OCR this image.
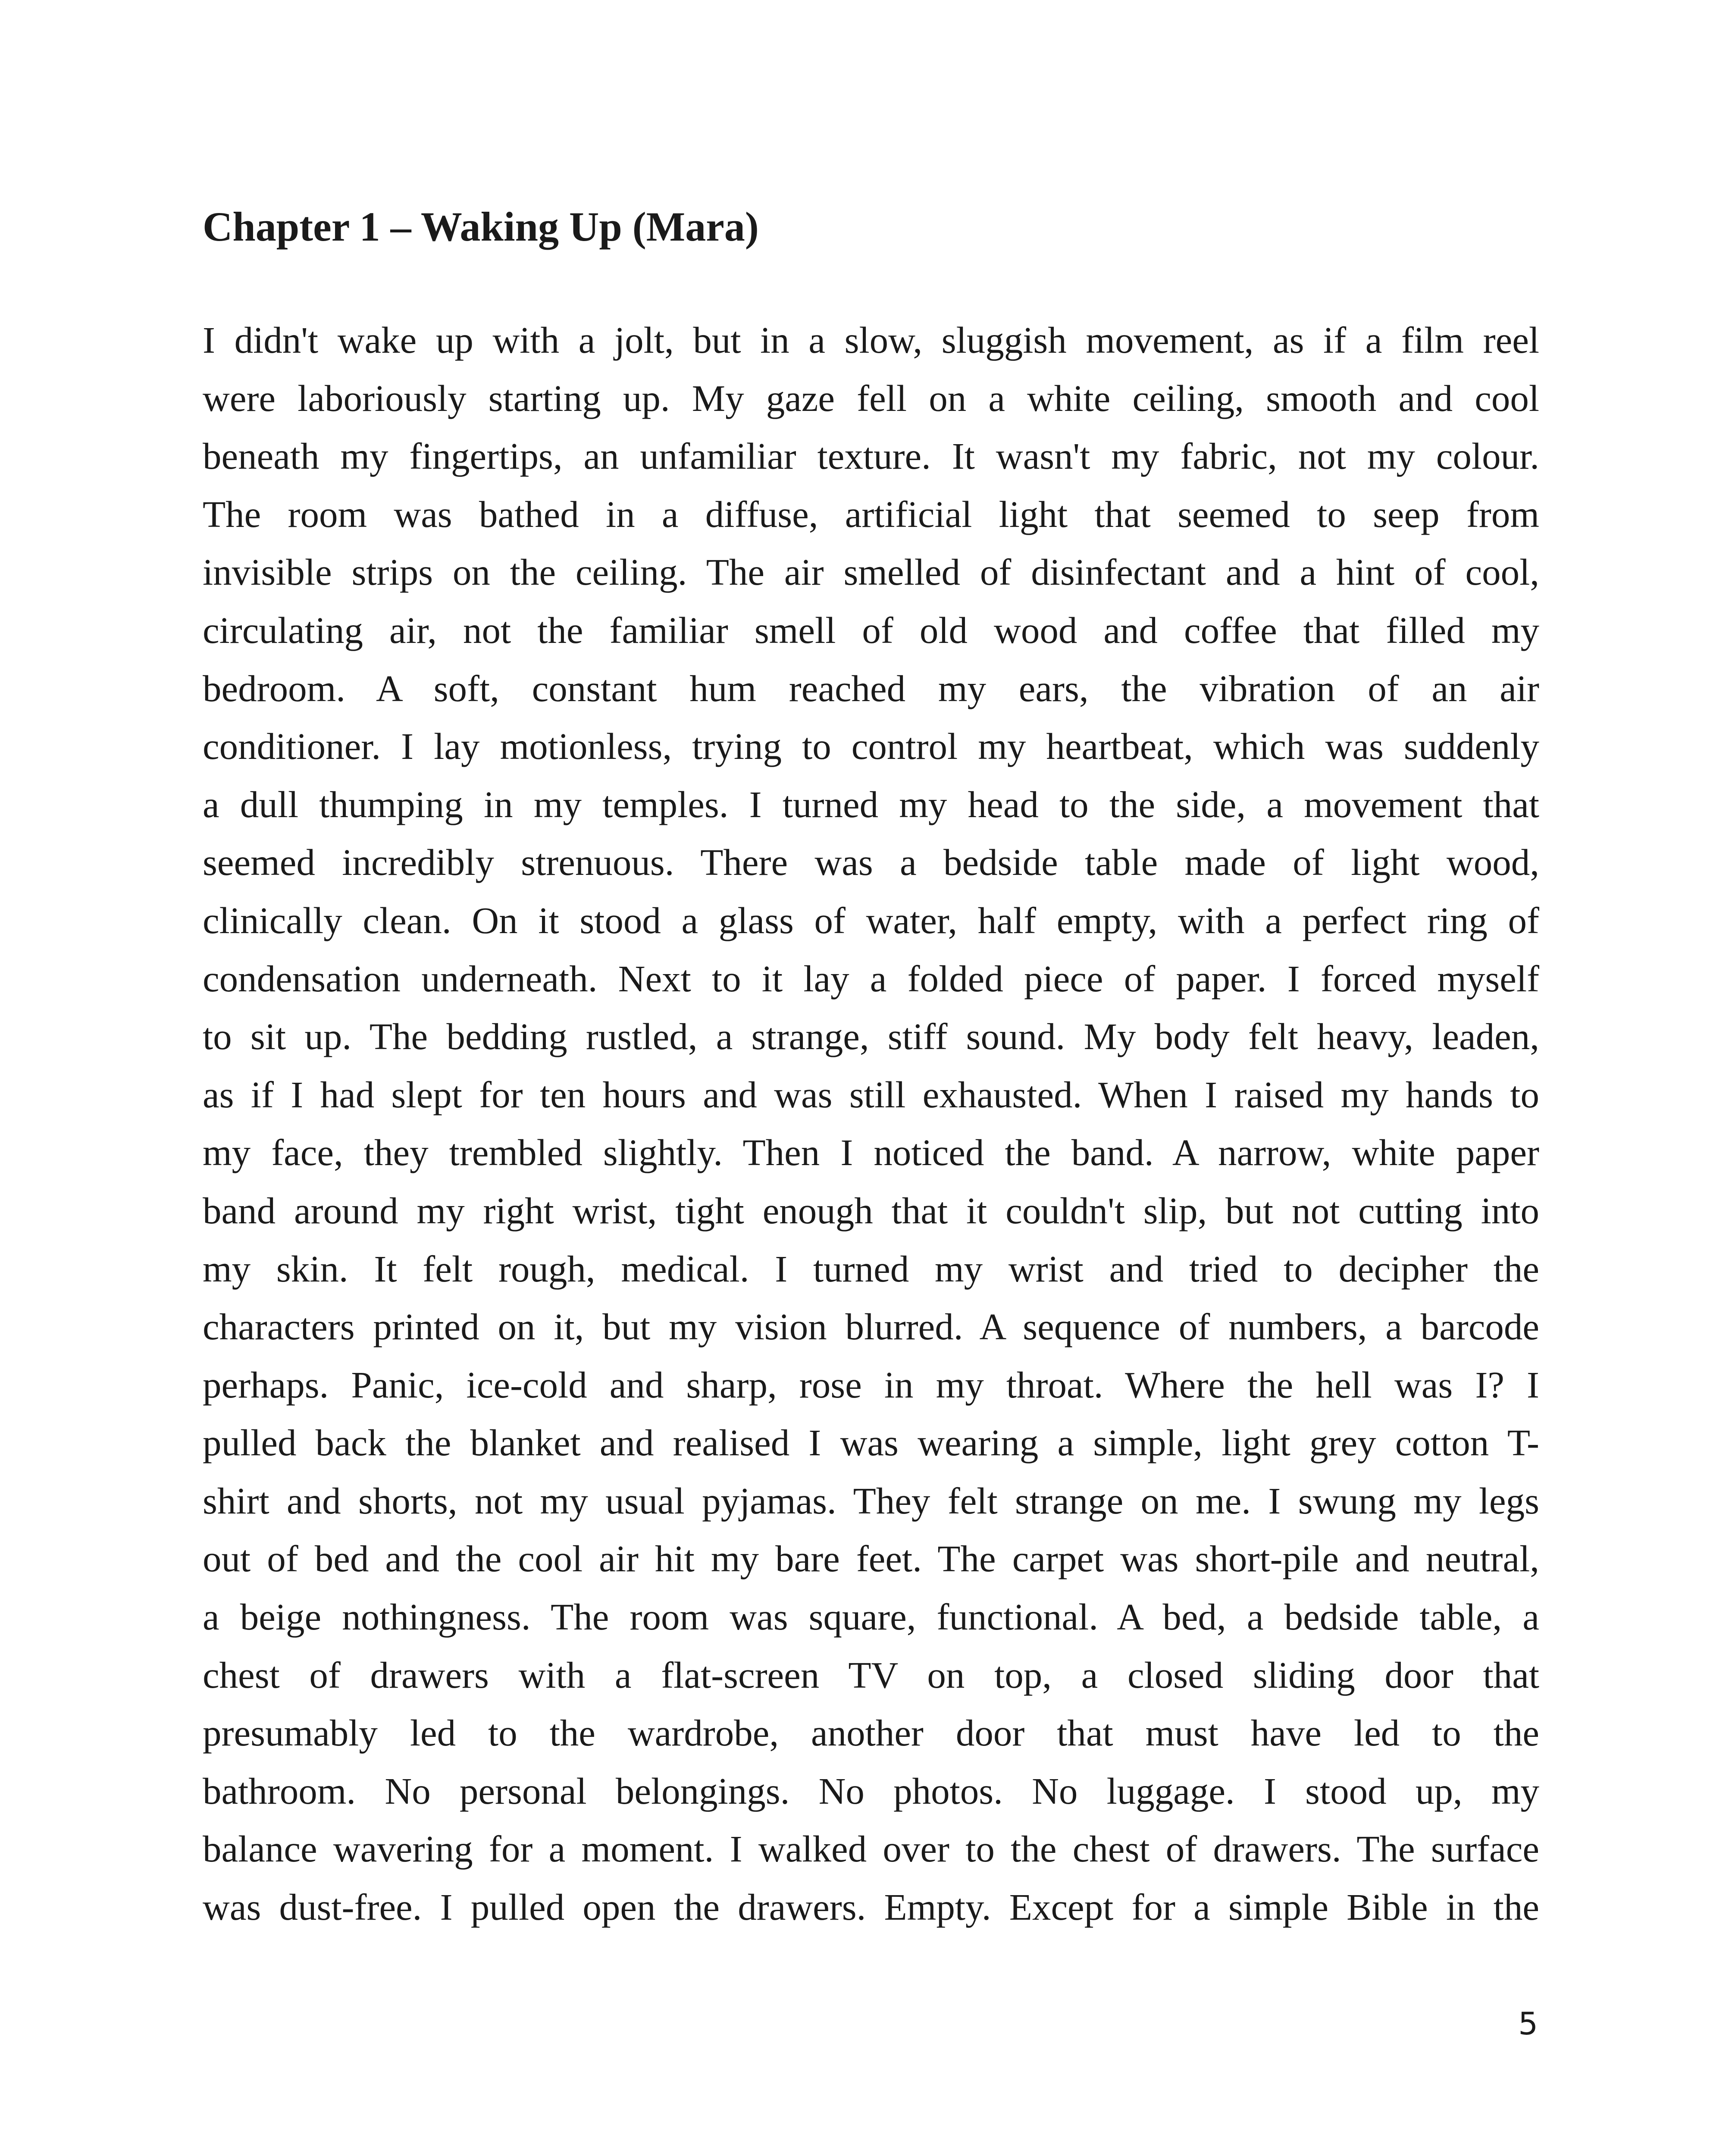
Chapter 1 – Waking Up (Mara)
I didn't wake up with a jolt, but in a slow, sluggish movement, as if a film reel
were laboriously starting up. My gaze fell on a white ceiling, smooth and cool
beneath my fingertips, an unfamiliar texture. It wasn't my fabric, not my colour.
The room was bathed in a diffuse, artificial light that seemed to seep from
invisible strips on the ceiling. The air smelled of disinfectant and a hint of cool,
circulating air, not the familiar smell of old wood and coffee that filled my
bedroom. A soft, constant hum reached my ears, the vibration of an air
conditioner. I lay motionless, trying to control my heartbeat, which was suddenly
a dull thumping in my temples. I turned my head to the side, a movement that
seemed incredibly strenuous. There was a bedside table made of light wood,
clinically clean. On it stood a glass of water, half empty, with a perfect ring of
condensation underneath. Next to it lay a folded piece of paper. I forced myself
to sit up. The bedding rustled, a strange, stiff sound. My body felt heavy, leaden,
as if I had slept for ten hours and was still exhausted. When I raised my hands to
my face, they trembled slightly. Then I noticed the band. A narrow, white paper
band around my right wrist, tight enough that it couldn't slip, but not cutting into
my skin. It felt rough, medical. I turned my wrist and tried to decipher the
characters printed on it, but my vision blurred. A sequence of numbers, a barcode
perhaps. Panic, ice-cold and sharp, rose in my throat. Where the hell was I? I
pulled back the blanket and realised I was wearing a simple, light grey cotton T-
shirt and shorts, not my usual pyjamas. They felt strange on me. I swung my legs
out of bed and the cool air hit my bare feet. The carpet was short-pile and neutral,
a beige nothingness. The room was square, functional. A bed, a bedside table, a
chest of drawers with a flat-screen TV on top, a closed sliding door that
presumably led to the wardrobe, another door that must have led to the
bathroom. No personal belongings. No photos. No luggage. I stood up, my
balance wavering for a moment. I walked over to the chest of drawers. The surface
was dust-free. I pulled open the drawers. Empty. Except for a simple Bible in the
5
